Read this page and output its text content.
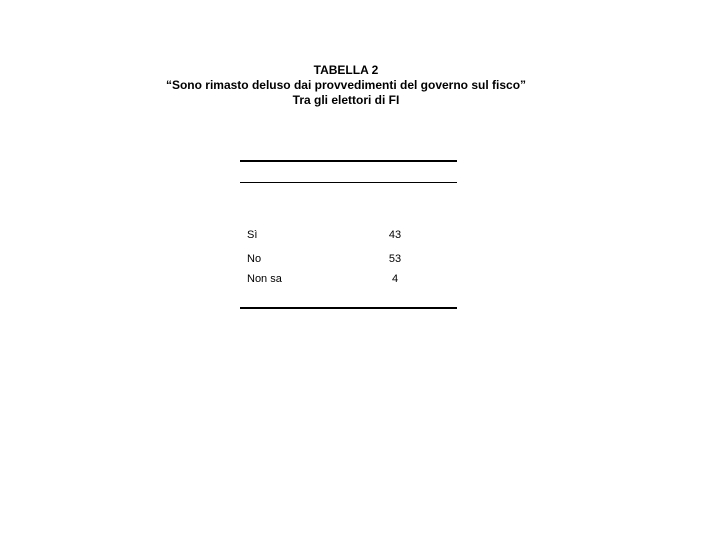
TABELLA 2
“Sono rimasto deluso dai provvedimenti del governo sul fisco”
Tra gli elettori di FI
Sì	43
No	53
Non sa	4
